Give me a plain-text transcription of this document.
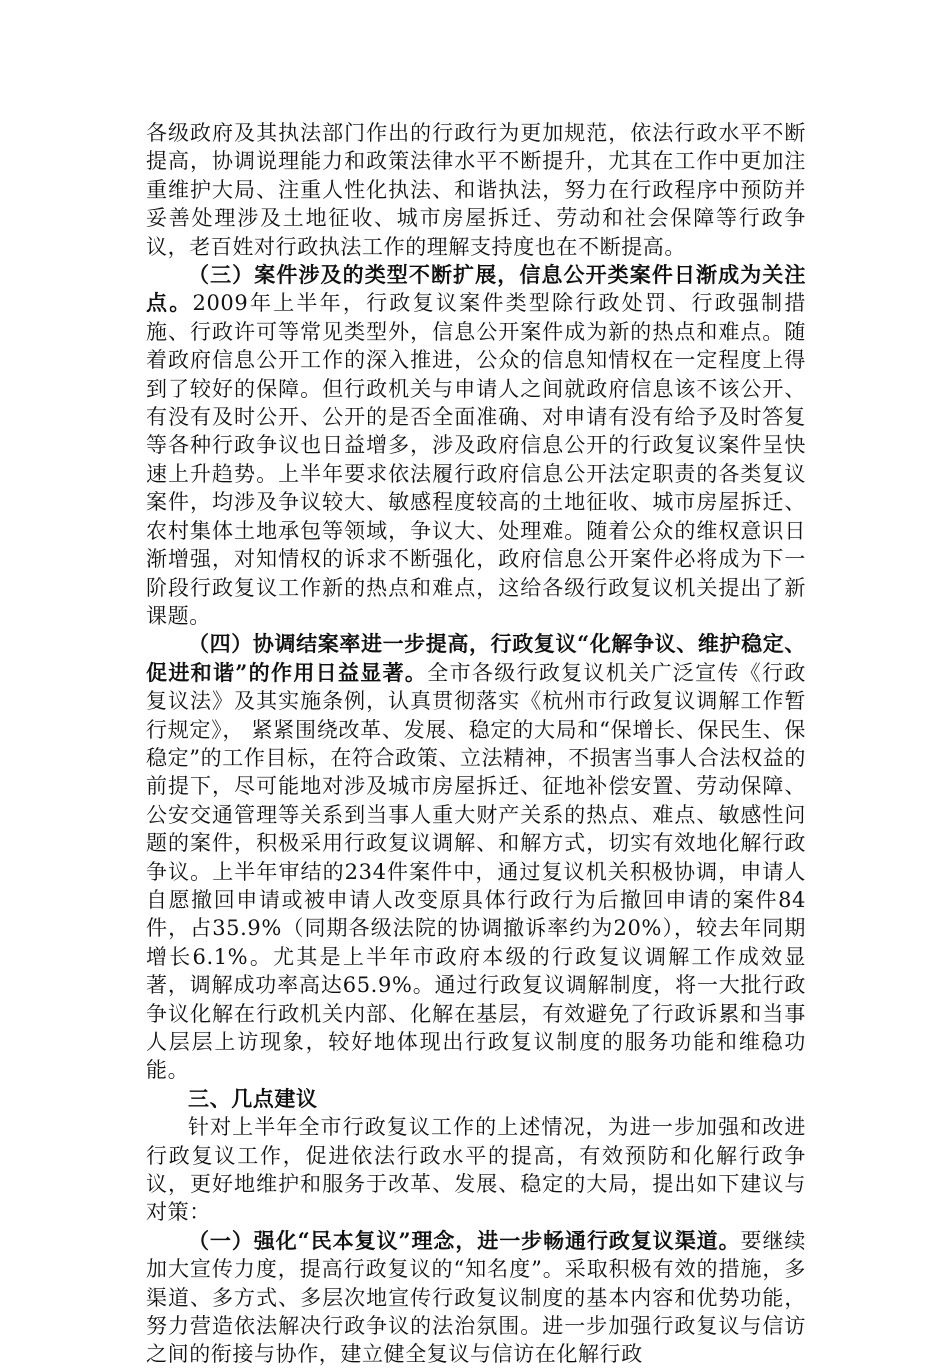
各级政府及其执法部门作出的行政行为更加规范，依法行政水平不断提高，协调说理能力和政策法律水平不断提升，尤其在工作中更加注重维护大局、注重人性化执法、和谐执法，努力在行政程序中预防并妥善处理涉及土地征收、城市房屋拆迁、劳动和社会保障等行政争议，老百姓对行政执法工作的理解支持度也在不断提高。

（三）案件涉及的类型不断扩展，信息公开类案件日渐成为关注点。2009年上半年，行政复议案件类型除行政处罚、行政强制措施、行政许可等常见类型外，信息公开案件成为新的热点和难点。随着政府信息公开工作的深入推进，公众的信息知情权在一定程度上得到了较好的保障。但行政机关与申请人之间就政府信息该不该公开、有没有及时公开、公开的是否全面准确、对申请有没有给予及时答复等各种行政争议也日益增多，涉及政府信息公开的行政复议案件呈快速上升趋势。上半年要求依法履行政府信息公开法定职责的各类复议案件，均涉及争议较大、敏感程度较高的土地征收、城市房屋拆迁、农村集体土地承包等领域，争议大、处理难。随着公众的维权意识日渐增强，对知情权的诉求不断强化，政府信息公开案件必将成为下一阶段行政复议工作新的热点和难点，这给各级行政复议机关提出了新课题。

（四）协调结案率进一步提高，行政复议“化解争议、维护稳定、促进和谐”的作用日益显著。全市各级行政复议机关广泛宣传《行政复议法》及其实施条例，认真贯彻落实《杭州市行政复议调解工作暂行规定》， 紧紧围绕改革、发展、稳定的大局和“保增长、保民生、保稳定”的工作目标，在符合政策、立法精神，不损害当事人合法权益的前提下，尽可能地对涉及城市房屋拆迁、征地补偿安置、劳动保障、公安交通管理等关系到当事人重大财产关系的热点、难点、敏感性问题的案件，积极采用行政复议调解、和解方式，切实有效地化解行政争议。上半年审结的234件案件中，通过复议机关积极协调，申请人自愿撤回申请或被申请人改变原具体行政行为后撤回申请的案件84件，占35.9%（同期各级法院的协调撤诉率约为20%），较去年同期增长6.1%。尤其是上半年市政府本级的行政复议调解工作成效显著，调解成功率高达65.9%。通过行政复议调解制度，将一大批行政争议化解在行政机关内部、化解在基层，有效避免了行政诉累和当事人层层上访现象，较好地体现出行政复议制度的服务功能和维稳功能。

三、几点建议

针对上半年全市行政复议工作的上述情况，为进一步加强和改进行政复议工作，促进依法行政水平的提高，有效预防和化解行政争议，更好地维护和服务于改革、发展、稳定的大局，提出如下建议与对策：

（一）强化“民本复议”理念，进一步畅通行政复议渠道。要继续加大宣传力度，提高行政复议的“知名度”。采取积极有效的措施，多渠道、多方式、多层次地宣传行政复议制度的基本内容和优势功能，努力营造依法解决行政争议的法治氛围。进一步加强行政复议与信访之间的衔接与协作，建立健全复议与信访在化解行政
